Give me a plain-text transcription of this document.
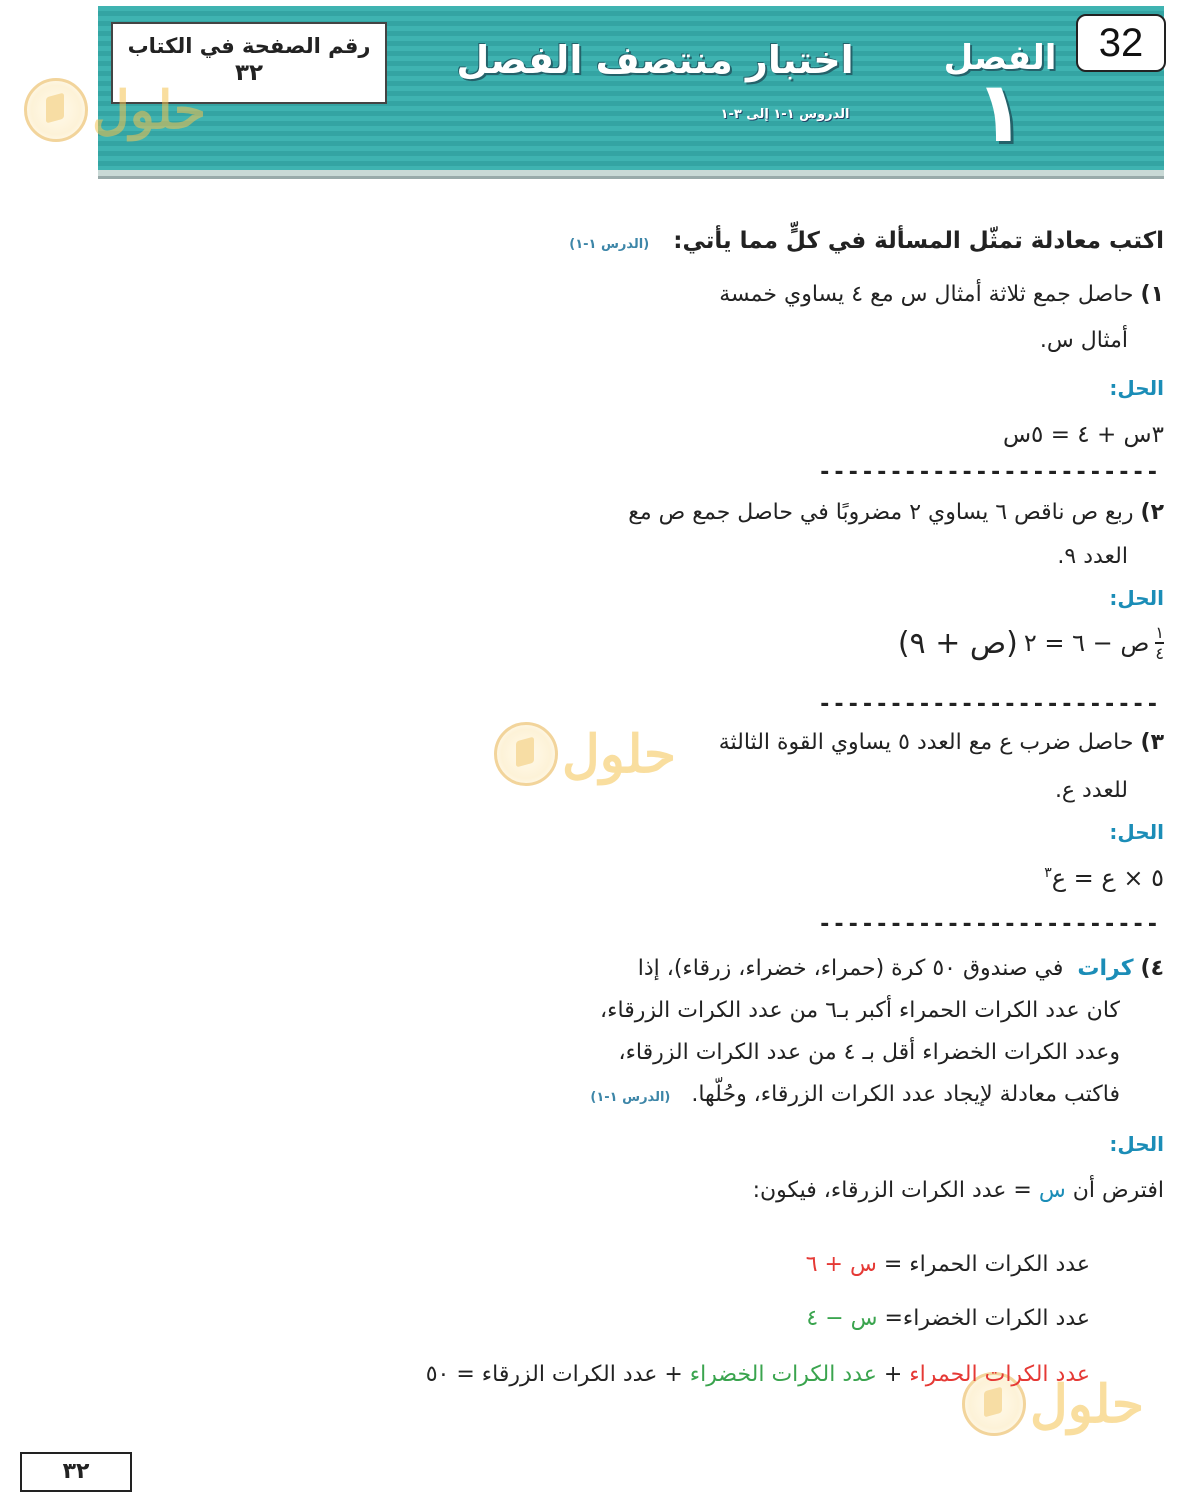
رقم الصفحة في الكتاب
٣٢	اختبار منتصف الفصل
الدروس ١-١ إلى ٣-١
الفصل
١
32
حلول
حلول
حلول
اكتب معادلة تمثّل المسألة في كلٍّ مما يأتي:   (الدرس ١-١)
١) حاصل جمع ثلاثة أمثال س مع ٤ يساوي خمسة
أمثال س.
الحل:
٣س + ٤ = ٥س
------------------------
٢) ربع ص ناقص ٦ يساوي ٢ مضروبًا في حاصل جمع ص مع
العدد ٩.
الحل:
١
٤
ص − ٦ = ٢
(ص + ٩)
------------------------
٣) حاصل ضرب ع مع العدد ٥ يساوي القوة الثالثة
للعدد ع.
الحل:
٥ × ع = ع$^٣$
------------------------
٤) كرات  في صندوق ٥٠ كرة (حمراء، خضراء، زرقاء)، إذا
كان عدد الكرات الحمراء أكبر بـ٦ من عدد الكرات الزرقاء،
وعدد الكرات الخضراء أقل بـ ٤ من عدد الكرات الزرقاء،
فاكتب معادلة لإيجاد عدد الكرات الزرقاء، وحُلّها.   (الدرس ١-١)
الحل:
افترض أن س = عدد الكرات الزرقاء، فيكون:
عدد الكرات الحمراء = س + ٦
عدد الكرات الخضراء= س − ٤
عدد الكرات الحمراء + عدد الكرات الخضراء + عدد الكرات الزرقاء = ٥٠
٣٢
